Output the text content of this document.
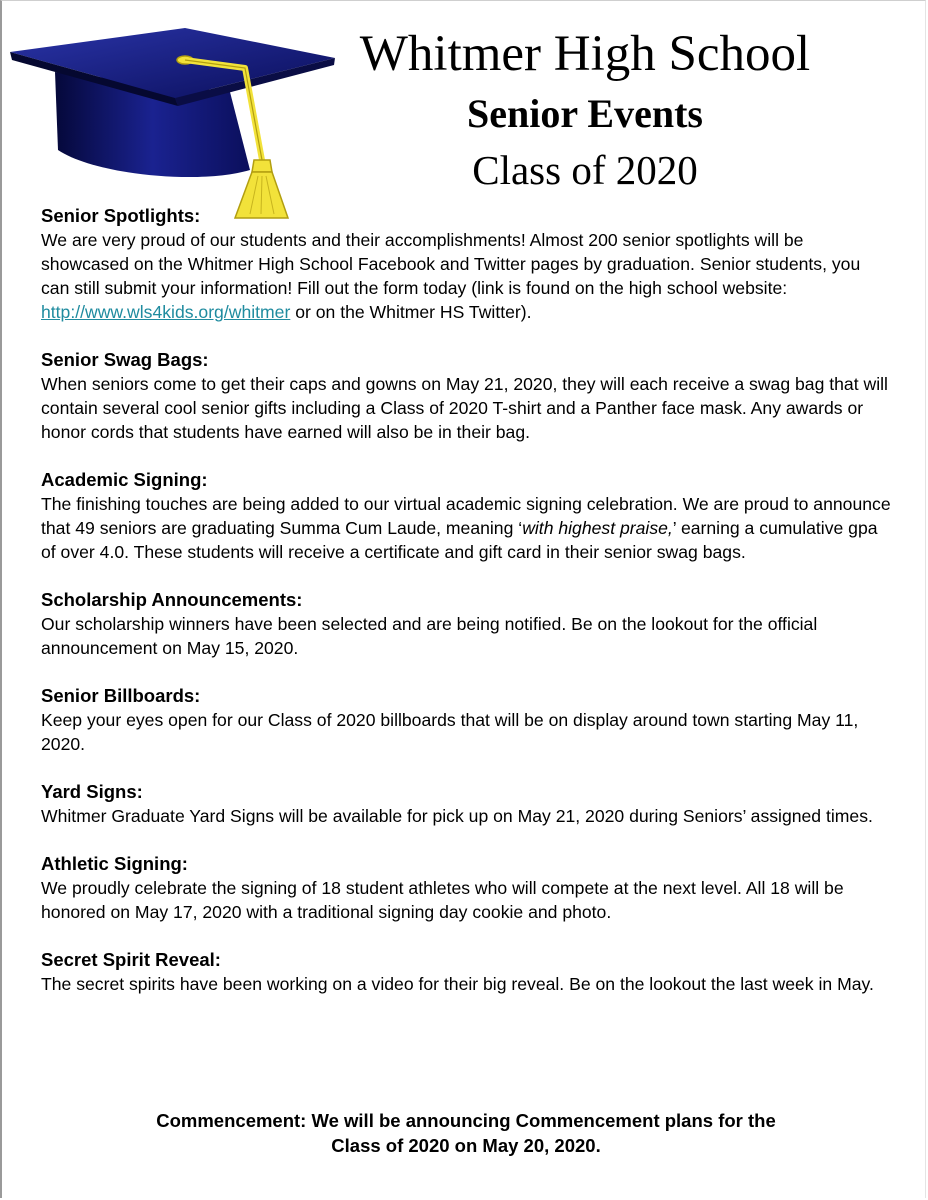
Whitmer High School

Senior Events

Class of 2020

Senior Spotlights:

We are very proud of our students and their accomplishments! Almost 200 senior spotlights will be showcased on the Whitmer High School Facebook and Twitter pages by graduation. Senior students, you can still submit your information! Fill out the form today (link is found on the high school website: http://www.wls4kids.org/whitmer or on the Whitmer HS Twitter).

Senior Swag Bags:

When seniors come to get their caps and gowns on May 21, 2020, they will each receive a swag bag that will contain several cool senior gifts including a Class of 2020 T-shirt and a Panther face mask. Any awards or honor cords that students have earned will also be in their bag.

Academic Signing:

The finishing touches are being added to our virtual academic signing celebration. We are proud to announce that 49 seniors are graduating Summa Cum Laude, meaning ‘with highest praise,’ earning a cumulative gpa of over 4.0. These students will receive a certificate and gift card in their senior swag bags.

Scholarship Announcements:

Our scholarship winners have been selected and are being notified. Be on the lookout for the official announcement on May 15, 2020.

Senior Billboards:

Keep your eyes open for our Class of 2020 billboards that will be on display around town starting May 11, 2020.

Yard Signs:

Whitmer Graduate Yard Signs will be available for pick up on May 21, 2020 during Seniors’ assigned times.

Athletic Signing:

We proudly celebrate the signing of 18 student athletes who will compete at the next level. All 18 will be honored on May 17, 2020 with a traditional signing day cookie and photo.

Secret Spirit Reveal:

The secret spirits have been working on a video for their big reveal. Be on the lookout the last week in May.

Commencement: We will be announcing Commencement plans for the
Class of 2020 on May 20, 2020.
